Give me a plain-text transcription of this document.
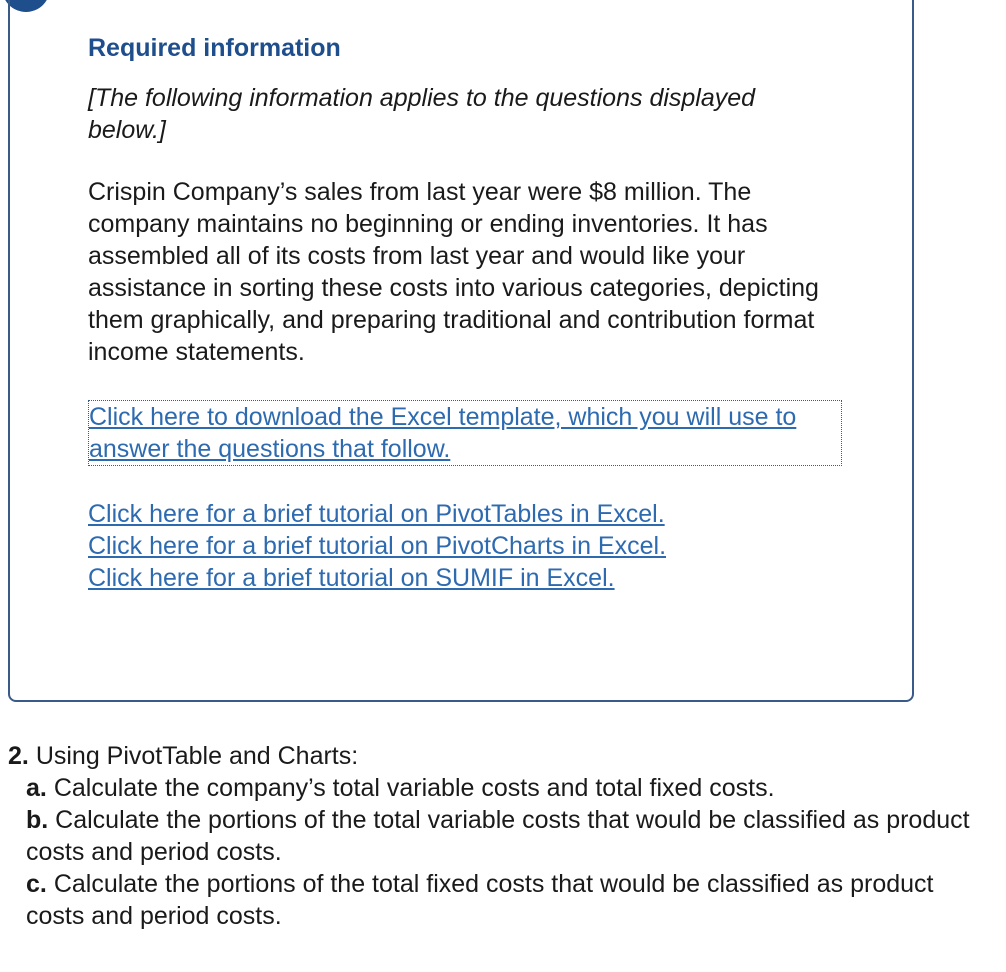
Required information

[The following information applies to the questions displayed below.]

Crispin Company’s sales from last year were $8 million. The company maintains no beginning or ending inventories. It has assembled all of its costs from last year and would like your assistance in sorting these costs into various categories, depicting them graphically, and preparing traditional and contribution format income statements.

Click here to download the Excel template, which you will use to answer the questions that follow.
Click here for a brief tutorial on PivotTables in Excel.
Click here for a brief tutorial on PivotCharts in Excel.
Click here for a brief tutorial on SUMIF in Excel.

2. Using PivotTable and Charts:

a. Calculate the company’s total variable costs and total fixed costs.

b. Calculate the portions of the total variable costs that would be classified as product costs and period costs.

c. Calculate the portions of the total fixed costs that would be classified as product costs and period costs.
